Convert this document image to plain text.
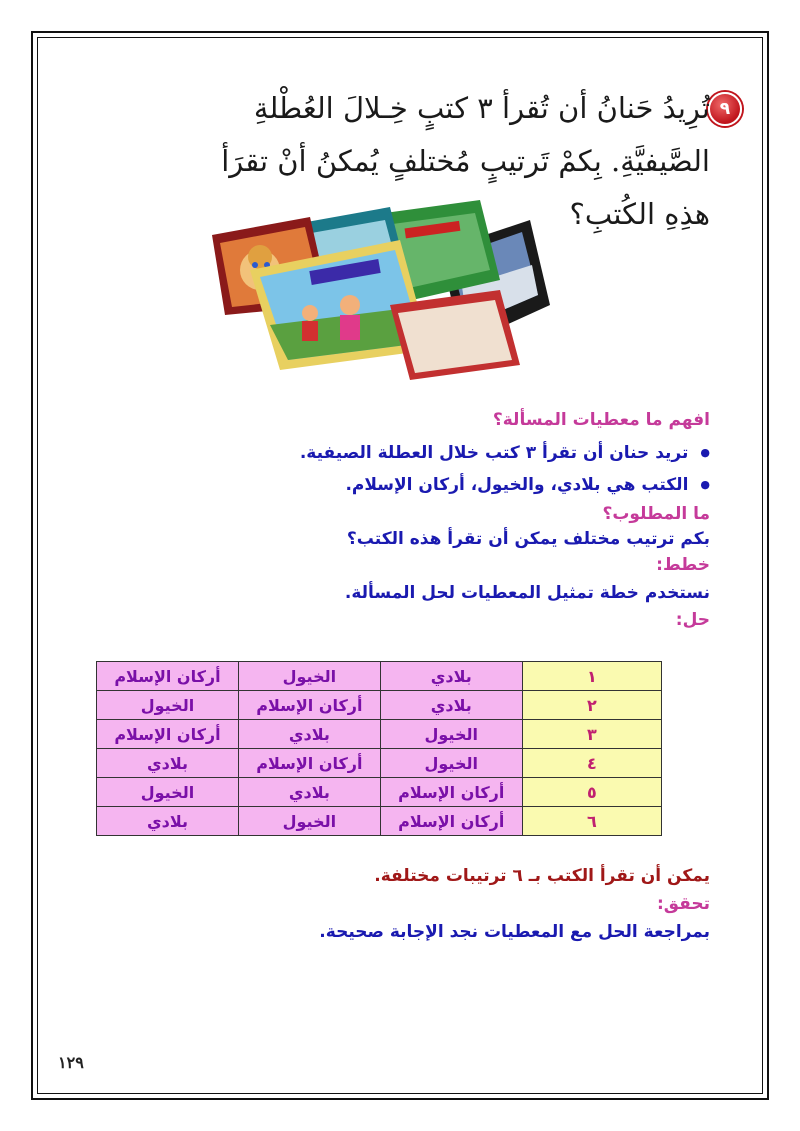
٩
تُرِيدُ حَنانُ أن تُقرأ ٣ كتبٍ خِـلالَ العُطْلةِ
الصَّيفيَّةِ. بِكمْ تَرتيبٍ مُختلفٍ يُمكنُ أنْ تقرَأ
هذِهِ الكُتبِ؟
افهم ما معطيات المسألة؟
● تريد حنان أن تقرأ ٣ كتب خلال العطلة الصيفية.
● الكتب هي بلادي، والخيول، أركان الإسلام.
ما المطلوب؟
بكم ترتيب مختلف يمكن أن تقرأ هذه الكتب؟
خطط:
نستخدم خطة تمثيل المعطيات لحل المسألة.
حل:
١	بلادي	الخيول	أركان الإسلام
٢	بلادي	أركان الإسلام	الخيول
٣	الخيول	بلادي	أركان الإسلام
٤	الخيول	أركان الإسلام	بلادي
٥	أركان الإسلام	بلادي	الخيول
٦	أركان الإسلام	الخيول	بلادي
يمكن أن تقرأ الكتب بـ ٦ ترتيبات مختلفة.
تحقق:
بمراجعة الحل مع المعطيات نجد الإجابة صحيحة.
١٢٩
